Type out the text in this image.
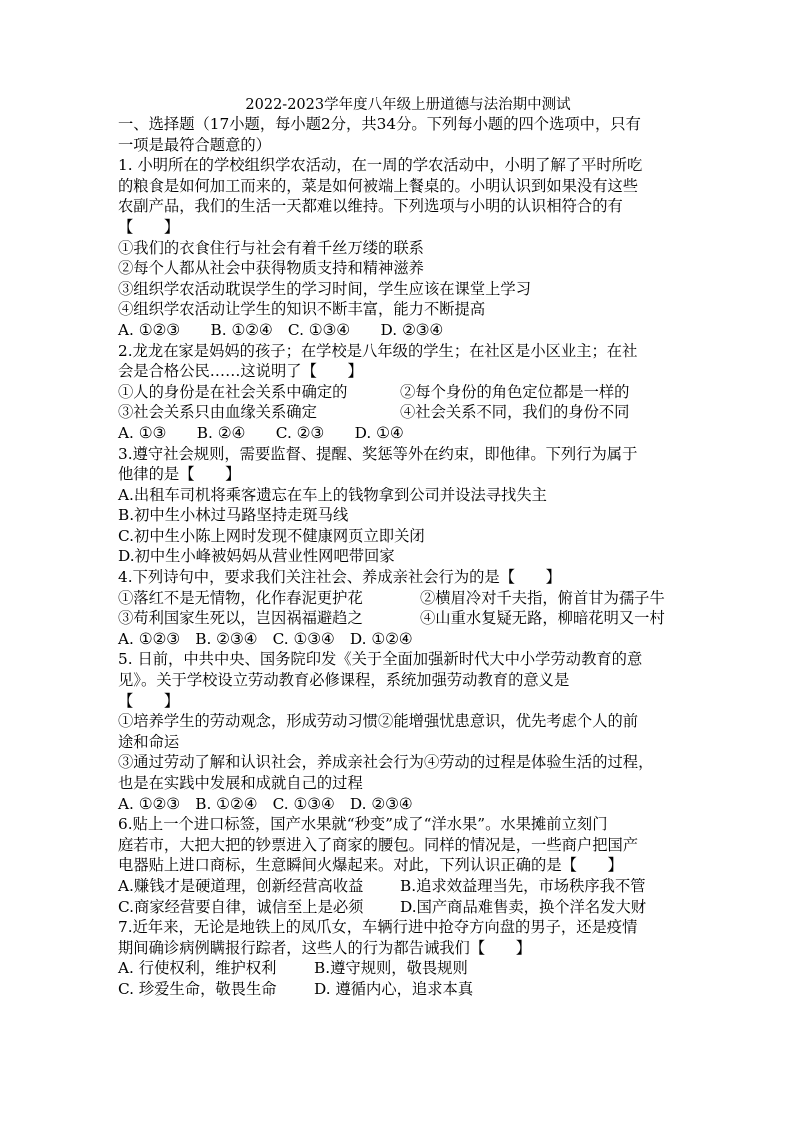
2022-2023学年度八年级上册道德与法治期中测试

一、选择题（17小题，每小题2分，共34分。下列每小题的四个选项中，只有

一项是最符合题意的）

1. 小明所在的学校组织学农活动，在一周的学农活动中，小明了解了平时所吃

的粮食是如何加工而来的，菜是如何被端上餐桌的。小明认识到如果没有这些

农副产品，我们的生活一天都难以维持。下列选项与小明的认识相符合的有

【　　】

①我们的衣食住行与社会有着千丝万缕的联系

②每个人都从社会中获得物质支持和精神滋养

③组织学农活动耽误学生的学习时间，学生应该在课堂上学习

④组织学农活动让学生的知识不断丰富，能力不断提高

A. ①②③　　B. ①②④　C. ①③④　　D. ②③④

2.龙龙在家是妈妈的孩子；在学校是八年级的学生；在社区是小区业主；在社

会是合格公民……这说明了【　　】

①人的身份是在社会关系中确定的	②每个身份的角色定位都是一样的
③社会关系只由血缘关系确定	④社会关系不同，我们的身份不同

A. ①③　　B. ②④　　C. ②③　　D. ①④

3.遵守社会规则，需要监督、提醒、奖惩等外在约束，即他律。下列行为属于

他律的是【　　】

A.出租车司机将乘客遗忘在车上的钱物拿到公司并设法寻找失主

B.初中生小林过马路坚持走斑马线

C.初中生小陈上网时发现不健康网页立即关闭

D.初中生小峰被妈妈从营业性网吧带回家

4.下列诗句中，要求我们关注社会、养成亲社会行为的是【　　】

①落红不是无情物，化作春泥更护花	②横眉冷对千夫指，俯首甘为孺子牛
③苟利国家生死以，岂因祸福避趋之	④山重水复疑无路，柳暗花明又一村

A. ①②③　B. ②③④　C. ①③④　D. ①②④

5. 日前，中共中央、国务院印发《关于全面加强新时代大中小学劳动教育的意

见》。关于学校设立劳动教育必修课程，系统加强劳动教育的意义是

【　　】

①培养学生的劳动观念，形成劳动习惯②能增强忧患意识，优先考虑个人的前

途和命运

③通过劳动了解和认识社会，养成亲社会行为④劳动的过程是体验生活的过程，

也是在实践中发展和成就自己的过程

A. ①②③　B. ①②④　C. ①③④　D. ②③④

6.贴上一个进口标签，国产水果就“秒变”成了“洋水果”。水果摊前立刻门

庭若市，大把大把的钞票进入了商家的腰包。同样的情况是，一些商户把国产

电器贴上进口商标，生意瞬间火爆起来。对此，下列认识正确的是【　　】

A.赚钱才是硬道理，创新经营高收益	B.追求效益理当先，市场秩序我不管
C.商家经营要自律，诚信至上是必须	D.国产商品难售卖，换个洋名发大财

7.近年来，无论是地铁上的凤爪女，车辆行进中抢夺方向盘的男子，还是疫情

期间确诊病例瞒报行踪者，这些人的行为都告诫我们【　　】

A. 行使权利，维护权利	B.遵守规则，敬畏规则
C. 珍爱生命，敬畏生命	D. 遵循内心，追求本真
